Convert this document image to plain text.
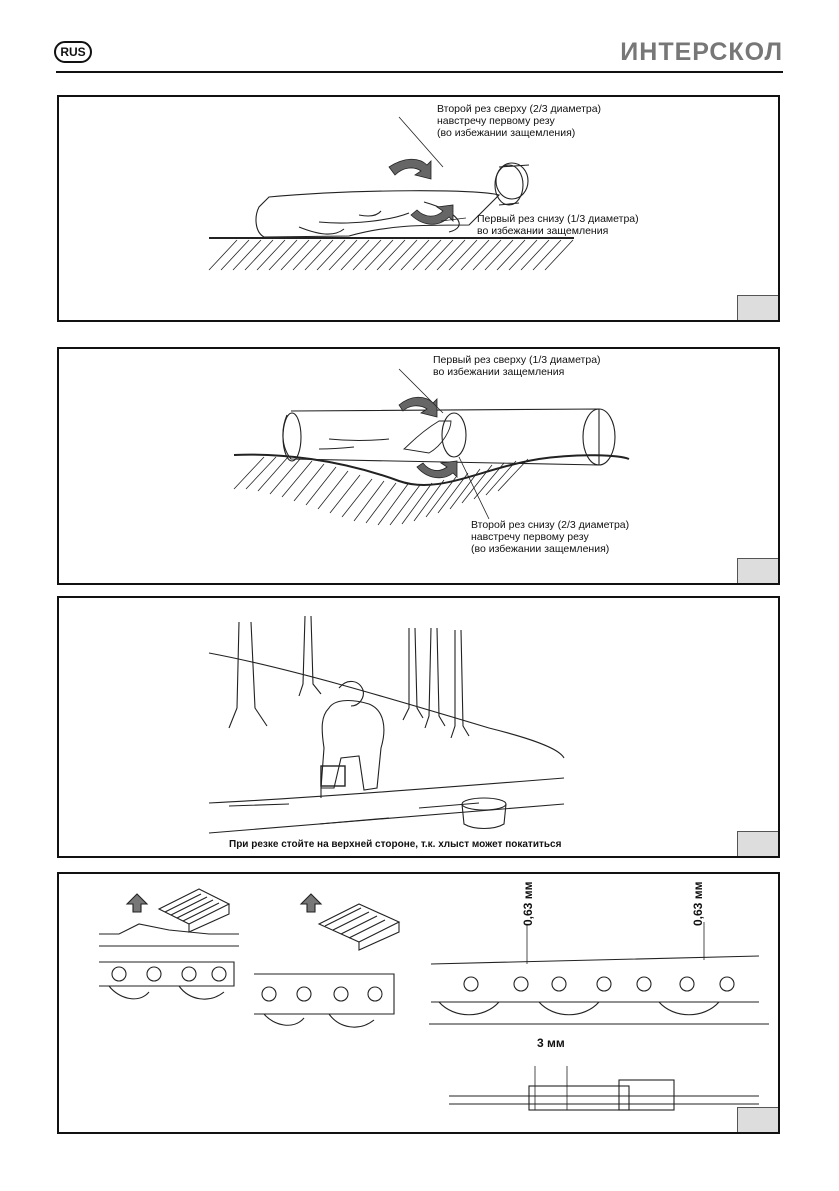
RUS	ИНТЕРСКОЛ
Второй рез сверху (2/3 диаметра)
навстречу первому резу
(во избежании защемления)
Первый рез снизу (1/3 диаметра)
во избежании защемления
Первый рез сверху (1/3 диаметра)
во избежании защемления
Второй рез снизу (2/3 диаметра)
навстречу первому резу
(во избежании защемления)
При резке стойте на верхней стороне, т.к. хлыст может покатиться
0,63 мм	0,63 мм
3 мм
